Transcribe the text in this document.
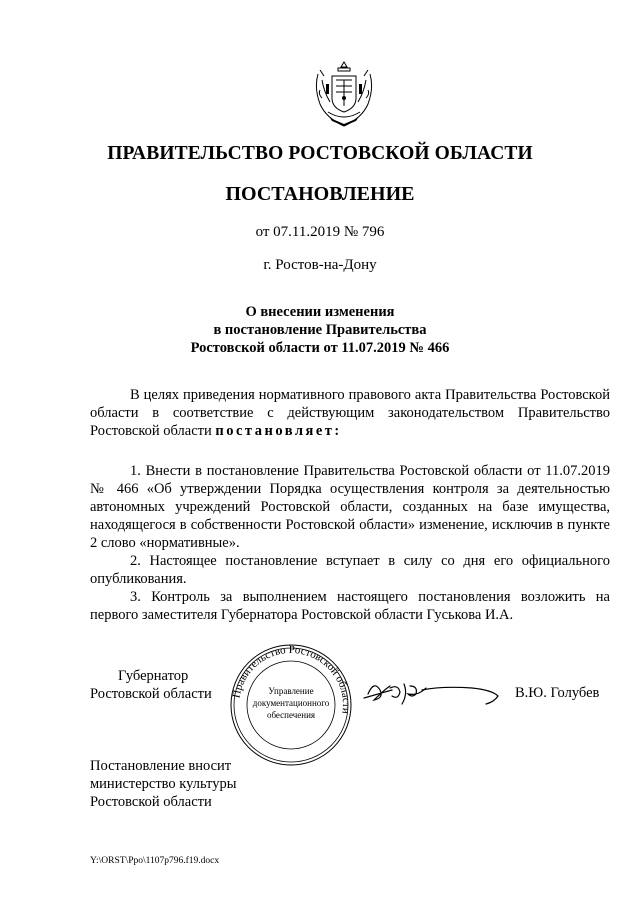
ПРАВИТЕЛЬСТВО РОСТОВСКОЙ ОБЛАСТИ
ПОСТАНОВЛЕНИЕ
от 07.11.2019 № 796
г. Ростов-на-Дону
О внесении изменения
в постановление Правительства
Ростовской области от 11.07.2019 № 466

В целях приведения нормативного правового акта Правительства Ростовской области в соответствие с действующим законодательством Правительство Ростовской области постановляет:

1. Внести в постановление Правительства Ростовской области от 11.07.2019 № 466 «Об утверждении Порядка осуществления контроля за деятельностью автономных учреждений Ростовской области, созданных на базе имущества, находящегося в собственности Ростовской области» изменение, исключив в пункте 2 слово «нормативные».

2. Настоящее постановление вступает в силу со дня его официального опубликования.

3. Контроль за выполнением настоящего постановления возложить на первого заместителя Губернатора Ростовской области Гуськова И.А.

Губернатор
Ростовской области Правительство Ростовской области
Управление
документационного
обеспечения
В.Ю. Голубев
Постановление вносит
министерство культуры
Ростовской области
Y:\ORST\Ppo\1107p796.f19.docx
